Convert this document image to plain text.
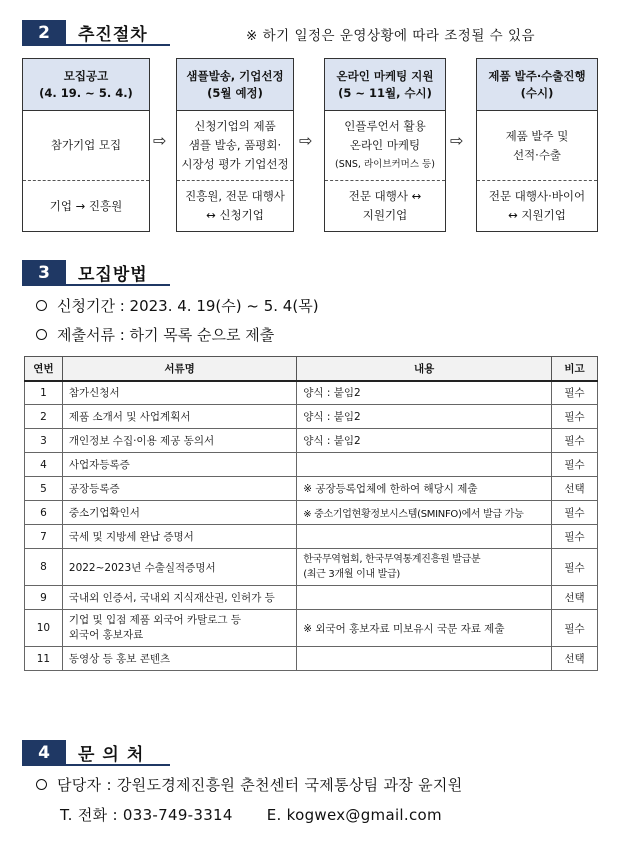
2	추진절차	※ 하기 일정은 운영상황에 따라 조정될 수 있음
모집공고
(4. 19. ~ 5. 4.)
참가기업 모집
기업 → 진흥원
⇨
샘플발송, 기업선정
(5월 예정)
신청기업의 제품
샘플 발송, 품평회·
시장성 평가 기업선정
진흥원, 전문 대행사
↔ 신청기업
⇨
온라인 마케팅 지원
(5 ~ 11월, 수시)
인플루언서 활용
온라인 마케팅
(SNS, 라이브커머스 등)
전문 대행사 ↔
지원기업
⇨
제품 발주·수출진행
(수시)
제품 발주 및
선적·수출
전문 대행사·바이어
↔ 지원기업
3	모집방법
신청기간 : 2023. 4. 19(수) ~ 5. 4(목)
제출서류 : 하기 목록 순으로 제출
연번	서류명	내용	비고
1	참가신청서	양식 : 붙임2	필수
2	제품 소개서 및 사업계획서	양식 : 붙임2	필수
3	개인정보 수집·이용 제공 동의서	양식 : 붙임2	필수
4	사업자등록증		필수
5	공장등록증	※ 공장등록업체에 한하여 해당시 제출	선택
6	중소기업확인서	※ 중소기업현황정보시스템(SMINFO)에서 발급 가능	필수
7	국세 및 지방세 완납 증명서		필수
8	2022~2023년 수출실적증명서	한국무역협회, 한국무역통계진흥원 발급분
(최근 3개월 이내 발급)	필수
9	국내외 인증서, 국내외 지식재산권, 인허가 등		선택
10	기업 및 입점 제품 외국어 카탈로그 등
외국어 홍보자료	※ 외국어 홍보자료 미보유시 국문 자료 제출	필수
11	동영상 등 홍보 콘텐츠		선택
4	문의처
담당자 : 강원도경제진흥원 춘천센터 국제통상팀 과장 윤지원
T. 전화 : 033-749-3314 E. kogwex@gmail.com
